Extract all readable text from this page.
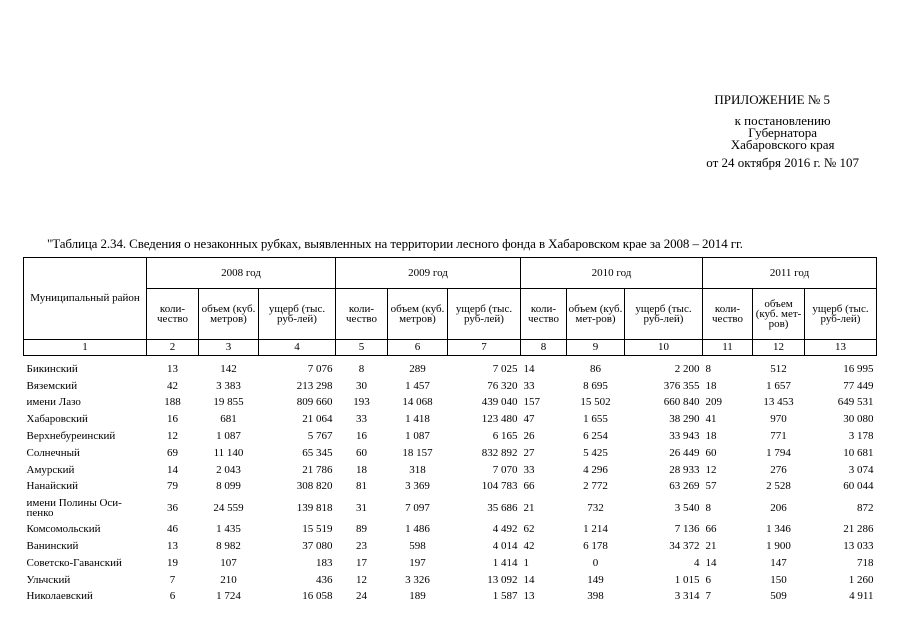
ПРИЛОЖЕНИЕ № 5
к постановлению
Губернатора
Хабаровского края
от 24 октября 2016 г. № 107
"Таблица 2.34. Сведения о незаконных рубках, выявленных на территории лесного фонда в Хабаровском крае за 2008 – 2014 гг.
Муниципальный район	2008 год			2009 год			2010 год			2011 год		
	коли-чество	объем (куб. метров)	ущерб (тыс. руб-лей)	коли-чество	объем (куб. метров)	ущерб (тыс. руб-лей)	коли-чество	объем (куб. мет-ров)	ущерб (тыс. руб-лей)	коли-чество	объем (куб. мет-ров)	ущерб (тыс. руб-лей)
1	2	3	4	5	6	7	8	9	10	11	12	13

Бикинский	13	142	7 076	8	289	7 025	14	86	2 200	8	512	16 995
Вяземский	42	3 383	213 298	30	1 457	76 320	33	8 695	376 355	18	1 657	77 449
имени Лазо	188	19 855	809 660	193	14 068	439 040	157	15 502	660 840	209	13 453	649 531
Хабаровский	16	681	21 064	33	1 418	123 480	47	1 655	38 290	41	970	30 080
Верхнебуреинский	12	1 087	5 767	16	1 087	6 165	26	6 254	33 943	18	771	3 178
Солнечный	69	11 140	65 345	60	18 157	832 892	27	5 425	26 449	60	1 794	10 681
Амурский	14	2 043	21 786	18	318	7 070	33	4 296	28 933	12	276	3 074
Нанайский	79	8 099	308 820	81	3 369	104 783	66	2 772	63 269	57	2 528	60 044
имени Полины Оси-пенко	36	24 559	139 818	31	7 097	35 686	21	732	3 540	8	206	872
Комсомольский	46	1 435	15 519	89	1 486	4 492	62	1 214	7 136	66	1 346	21 286
Ванинский	13	8 982	37 080	23	598	4 014	42	6 178	34 372	21	1 900	13 033
Советско-Гаванский	19	107	183	17	197	1 414	1	0	4	14	147	718
Ульчский	7	210	436	12	3 326	13 092	14	149	1 015	6	150	1 260
Николаевский	6	1 724	16 058	24	189	1 587	13	398	3 314	7	509	4 911
